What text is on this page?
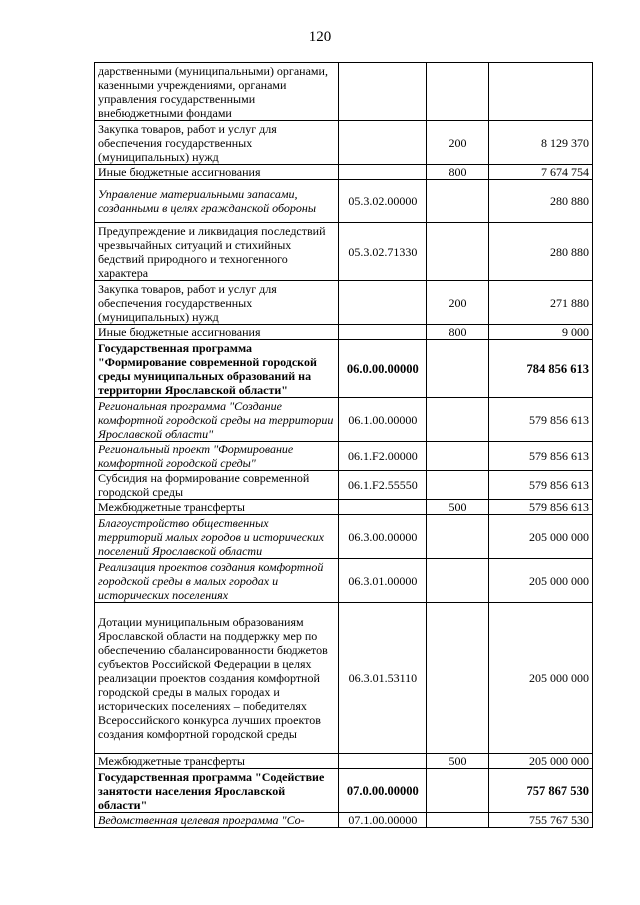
120
дарственными (муниципальными) органами, казенными учреждениями, органами управления государственными внебюджетными фондами			
Закупка товаров, работ и услуг для обеспечения государственных (муниципальных) нужд		200	8 129 370
Иные бюджетные ассигнования		800	7 674 754
Управление материальными запасами, созданными в целях гражданской обороны	05.3.02.00000		280 880
Предупреждение и ликвидация последствий чрезвычайных ситуаций и стихийных бедствий природного и техногенного характера	05.3.02.71330		280 880
Закупка товаров, работ и услуг для обеспечения государственных (муниципальных) нужд		200	271 880
Иные бюджетные ассигнования		800	9 000
Государственная программа "Формирование современной городской среды муниципальных образований на территории Ярославской области"	06.0.00.00000		784 856 613
Региональная программа "Создание комфортной городской среды на территории Ярославской области"	06.1.00.00000		579 856 613
Региональный проект "Формирование комфортной городской среды"	06.1.F2.00000		579 856 613
Субсидия на формирование современной городской среды	06.1.F2.55550		579 856 613
Межбюджетные трансферты		500	579 856 613
Благоустройство общественных территорий малых городов и исторических поселений Ярославской области	06.3.00.00000		205 000 000
Реализация проектов создания комфортной городской среды в малых городах и исторических поселениях	06.3.01.00000		205 000 000
Дотации муниципальным образованиям Ярославской области на поддержку мер по обеспечению сбалансированности бюджетов субъектов Российской Федерации в целях реализации проектов создания комфортной городской среды в малых городах и исторических поселениях – победителях Всероссийского конкурса лучших проектов создания комфортной городской среды	06.3.01.53110		205 000 000
Межбюджетные трансферты		500	205 000 000
Государственная программа "Содействие занятости населения Ярославской области"	07.0.00.00000		757 867 530
Ведомственная целевая программа "Со-	07.1.00.00000		755 767 530
